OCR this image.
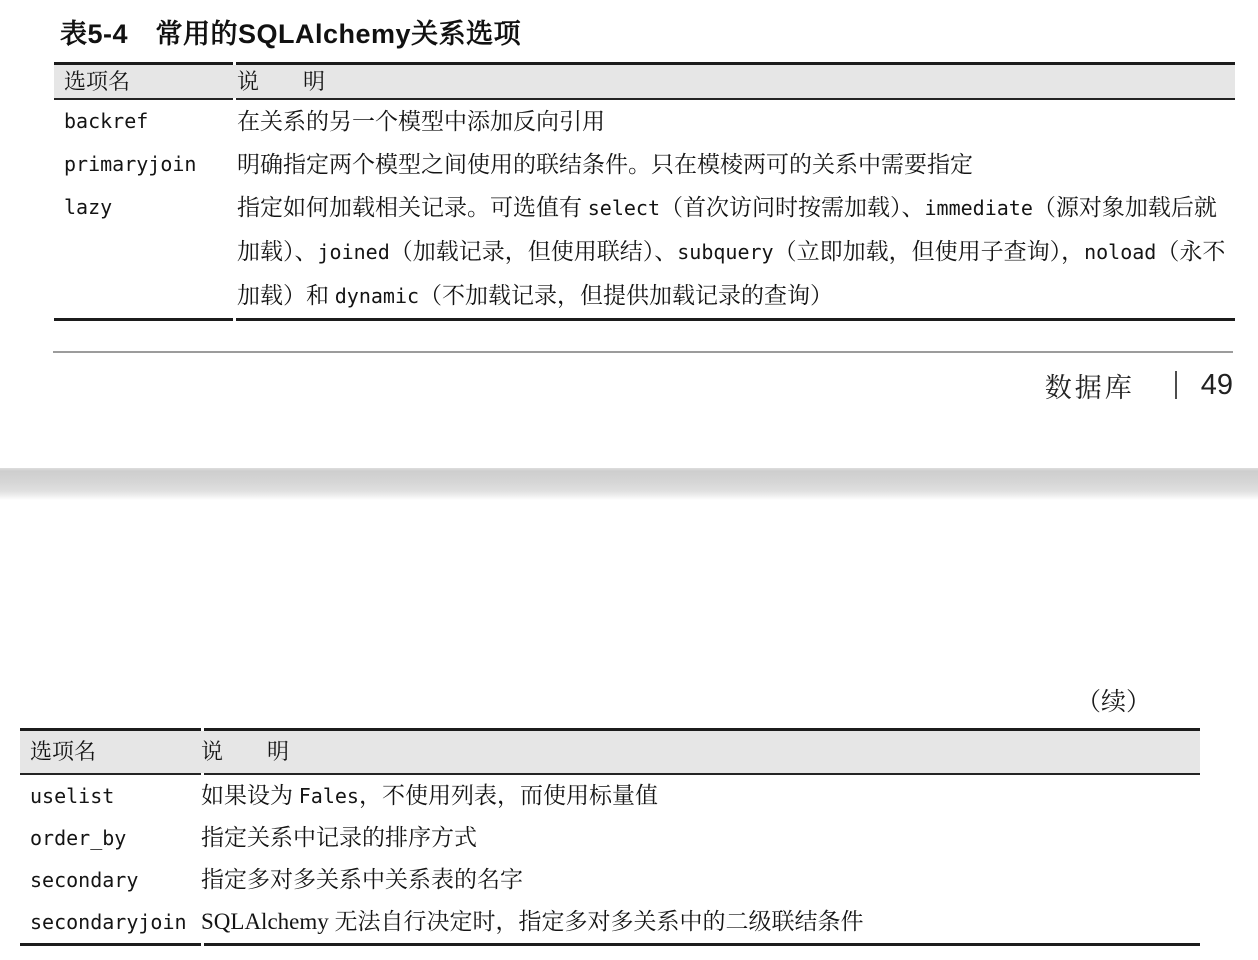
表5-4　常用的SQLAlchemy关系选项
选项名	说　　明
backref	在关系的另一个模型中添加反向引用
primaryjoin	明确指定两个模型之间使用的联结条件。只在模棱两可的关系中需要指定
lazy	指定如何加载相关记录。可选值有 select（首次访问时按需加载）、immediate（源对象加载后就加载）、joined（加载记录，但使用联结）、subquery（立即加载，但使用子查询），noload（永不加载）和 dynamic（不加载记录，但提供加载记录的查询）
数据库 49
（续）
选项名	说　　明
uselist	如果设为 Fales，不使用列表，而使用标量值
order_by	指定关系中记录的排序方式
secondary	指定多对多关系中关系表的名字
secondaryjoin SQLAlchemy 无法自行决定时，指定多对多关系中的二级联结条件
